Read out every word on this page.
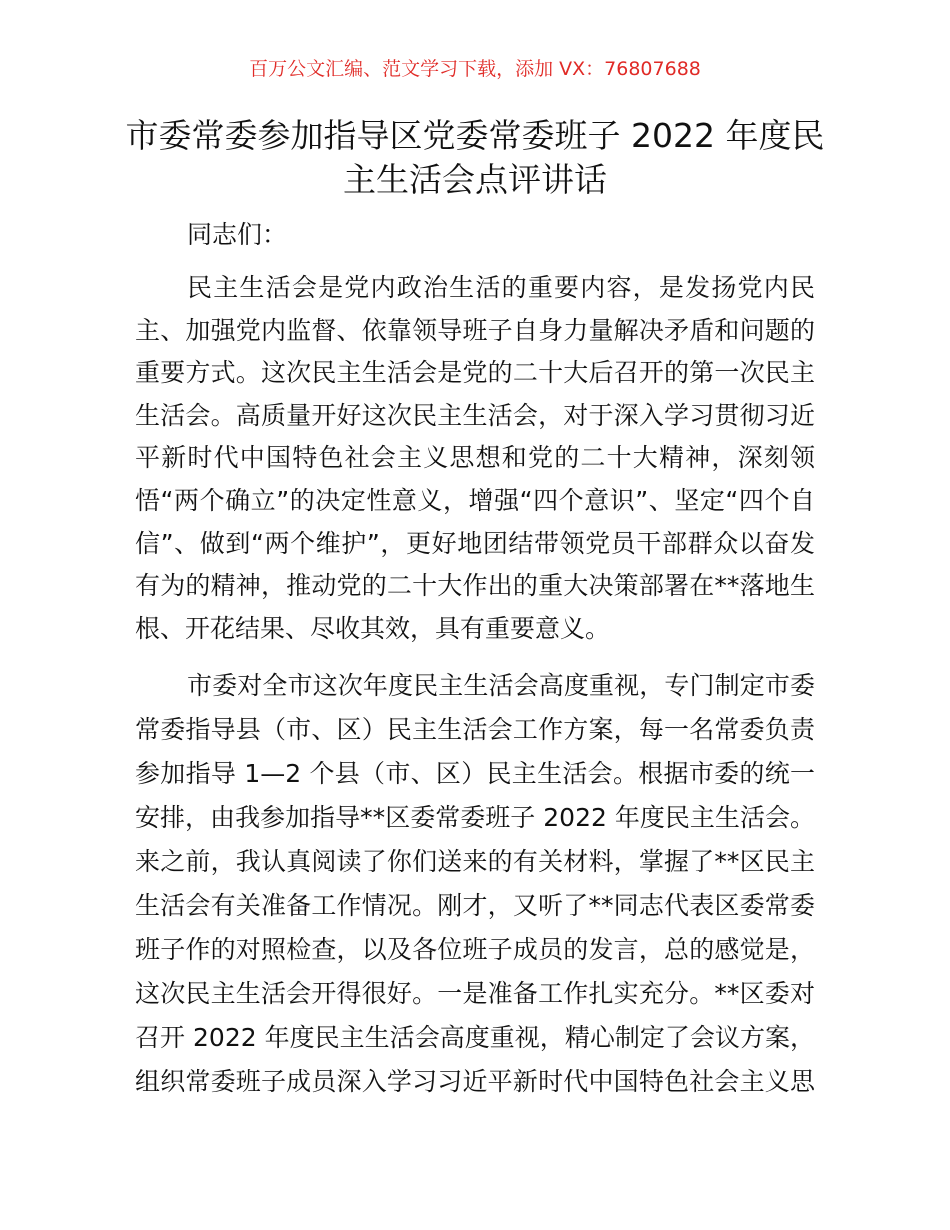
百万公文汇编、范文学习下载，添加 VX：76807688
市委常委参加指导区党委常委班子 2022 年度民
主生活会点评讲话
同志们：
民主生活会是党内政治生活的重要内容，是发扬党内民
主、加强党内监督、依靠领导班子自身力量解决矛盾和问题的
重要方式。这次民主生活会是党的二十大后召开的第一次民主
生活会。高质量开好这次民主生活会，对于深入学习贯彻习近
平新时代中国特色社会主义思想和党的二十大精神，深刻领
悟“两个确立”的决定性意义，增强“四个意识”、坚定“四个自
信”、做到“两个维护”，更好地团结带领党员干部群众以奋发
有为的精神，推动党的二十大作出的重大决策部署在**落地生
根、开花结果、尽收其效，具有重要意义。
市委对全市这次年度民主生活会高度重视，专门制定市委
常委指导县（市、区）民主生活会工作方案，每一名常委负责
参加指导 1—2 个县（市、区）民主生活会。根据市委的统一
安排，由我参加指导**区委常委班子 2022 年度民主生活会。
来之前，我认真阅读了你们送来的有关材料，掌握了**区民主
生活会有关准备工作情况。刚才，又听了**同志代表区委常委
班子作的对照检查，以及各位班子成员的发言，总的感觉是，
这次民主生活会开得很好。一是准备工作扎实充分。**区委对
召开 2022 年度民主生活会高度重视，精心制定了会议方案，
组织常委班子成员深入学习习近平新时代中国特色社会主义思
